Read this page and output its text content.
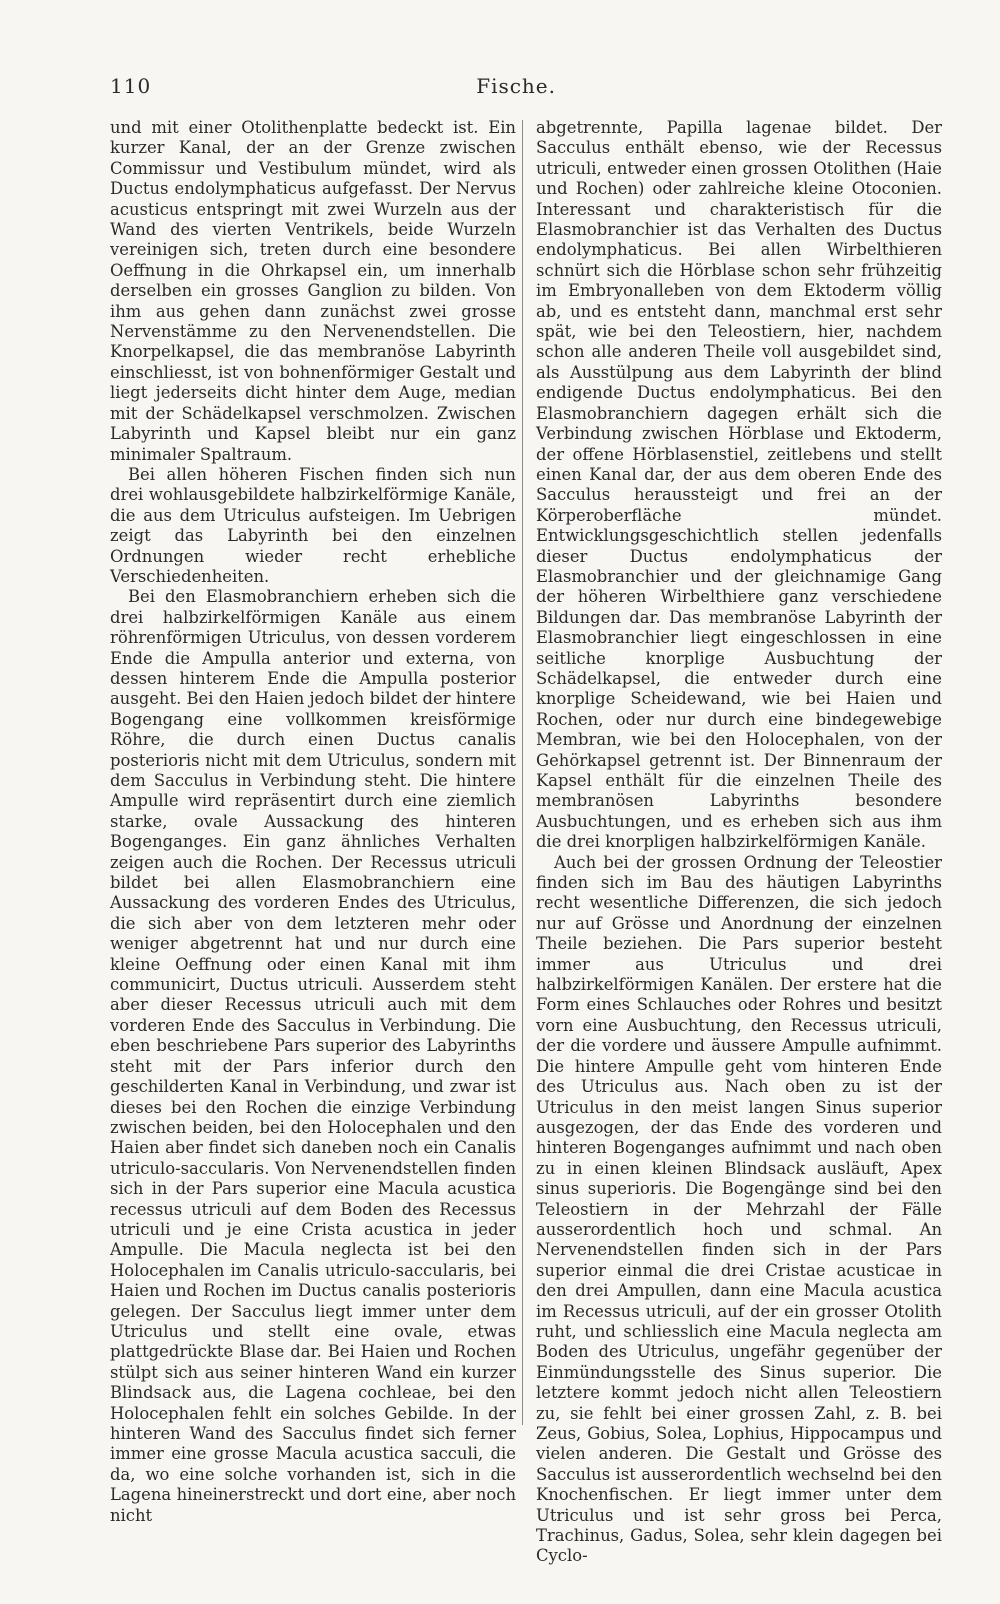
110	Fische.

und mit einer Otolithenplatte bedeckt ist. Ein kurzer Kanal, der an der Grenze zwischen Commissur und Vestibulum mündet, wird als Ductus endolymphaticus aufgefasst. Der Nervus acusticus entspringt mit zwei Wurzeln aus der Wand des vierten Ventrikels, beide Wurzeln vereinigen sich, treten durch eine besondere Oeffnung in die Ohrkapsel ein, um innerhalb derselben ein grosses Ganglion zu bilden. Von ihm aus gehen dann zunächst zwei grosse Nervenstämme zu den Nervenendstellen. Die Knorpelkapsel, die das membranöse Labyrinth einschliesst, ist von bohnenförmiger Gestalt und liegt jederseits dicht hinter dem Auge, median mit der Schädelkapsel verschmolzen. Zwischen Labyrinth und Kapsel bleibt nur ein ganz minimaler Spaltraum.

Bei allen höheren Fischen finden sich nun drei wohlausgebildete halbzirkelförmige Kanäle, die aus dem Utriculus aufsteigen. Im Uebrigen zeigt das Labyrinth bei den einzelnen Ordnungen wieder recht erhebliche Verschiedenheiten.

Bei den Elasmobranchiern erheben sich die drei halbzirkelförmigen Kanäle aus einem röhrenförmigen Utriculus, von dessen vorderem Ende die Ampulla anterior und externa, von dessen hinterem Ende die Ampulla posterior ausgeht. Bei den Haien jedoch bildet der hintere Bogengang eine vollkommen kreisförmige Röhre, die durch einen Ductus canalis posterioris nicht mit dem Utriculus, sondern mit dem Sacculus in Verbindung steht. Die hintere Ampulle wird repräsentirt durch eine ziemlich starke, ovale Aussackung des hinteren Bogenganges. Ein ganz ähnliches Verhalten zeigen auch die Rochen. Der Recessus utriculi bildet bei allen Elasmobranchiern eine Aussackung des vorderen Endes des Utriculus, die sich aber von dem letzteren mehr oder weniger abgetrennt hat und nur durch eine kleine Oeffnung oder einen Kanal mit ihm communicirt, Ductus utriculi. Ausserdem steht aber dieser Recessus utriculi auch mit dem vorderen Ende des Sacculus in Verbindung. Die eben beschriebene Pars superior des Labyrinths steht mit der Pars inferior durch den geschilderten Kanal in Verbindung, und zwar ist dieses bei den Rochen die einzige Verbindung zwischen beiden, bei den Holocephalen und den Haien aber findet sich daneben noch ein Canalis utriculo-saccularis. Von Nervenendstellen finden sich in der Pars superior eine Macula acustica recessus utriculi auf dem Boden des Recessus utriculi und je eine Crista acustica in jeder Ampulle. Die Macula neglecta ist bei den Holocephalen im Canalis utriculo-saccularis, bei Haien und Rochen im Ductus canalis posterioris gelegen. Der Sacculus liegt immer unter dem Utriculus und stellt eine ovale, etwas plattgedrückte Blase dar. Bei Haien und Rochen stülpt sich aus seiner hinteren Wand ein kurzer Blindsack aus, die Lagena cochleae, bei den Holocephalen fehlt ein solches Gebilde. In der hinteren Wand des Sacculus findet sich ferner immer eine grosse Macula acustica sacculi, die da, wo eine solche vorhanden ist, sich in die Lagena hineinerstreckt und dort eine, aber noch nicht

abgetrennte, Papilla lagenae bildet. Der Sacculus enthält ebenso, wie der Recessus utriculi, entweder einen grossen Otolithen (Haie und Rochen) oder zahlreiche kleine Otoconien. Interessant und charakteristisch für die Elasmobranchier ist das Verhalten des Ductus endolymphaticus. Bei allen Wirbelthieren schnürt sich die Hörblase schon sehr frühzeitig im Embryonalleben von dem Ektoderm völlig ab, und es entsteht dann, manchmal erst sehr spät, wie bei den Teleostiern, hier, nachdem schon alle anderen Theile voll ausgebildet sind, als Ausstülpung aus dem Labyrinth der blind endigende Ductus endolymphaticus. Bei den Elasmobranchiern dagegen erhält sich die Verbindung zwischen Hörblase und Ektoderm, der offene Hörblasenstiel, zeitlebens und stellt einen Kanal dar, der aus dem oberen Ende des Sacculus heraussteigt und frei an der Körperoberfläche mündet. Entwicklungsgeschichtlich stellen jedenfalls dieser Ductus endolymphaticus der Elasmobranchier und der gleichnamige Gang der höheren Wirbelthiere ganz verschiedene Bildungen dar. Das membranöse Labyrinth der Elasmobranchier liegt eingeschlossen in eine seitliche knorplige Ausbuchtung der Schädelkapsel, die entweder durch eine knorplige Scheidewand, wie bei Haien und Rochen, oder nur durch eine bindegewebige Membran, wie bei den Holocephalen, von der Gehörkapsel getrennt ist. Der Binnenraum der Kapsel enthält für die einzelnen Theile des membranösen Labyrinths besondere Ausbuchtungen, und es erheben sich aus ihm die drei knorpligen halbzirkelförmigen Kanäle.

Auch bei der grossen Ordnung der Teleostier finden sich im Bau des häutigen Labyrinths recht wesentliche Differenzen, die sich jedoch nur auf Grösse und Anordnung der einzelnen Theile beziehen. Die Pars superior besteht immer aus Utriculus und drei halbzirkelförmigen Kanälen. Der erstere hat die Form eines Schlauches oder Rohres und besitzt vorn eine Ausbuchtung, den Recessus utriculi, der die vordere und äussere Ampulle aufnimmt. Die hintere Ampulle geht vom hinteren Ende des Utriculus aus. Nach oben zu ist der Utriculus in den meist langen Sinus superior ausgezogen, der das Ende des vorderen und hinteren Bogenganges aufnimmt und nach oben zu in einen kleinen Blindsack ausläuft, Apex sinus superioris. Die Bogengänge sind bei den Teleostiern in der Mehrzahl der Fälle ausserordentlich hoch und schmal. An Nervenendstellen finden sich in der Pars superior einmal die drei Cristae acusticae in den drei Ampullen, dann eine Macula acustica im Recessus utriculi, auf der ein grosser Otolith ruht, und schliesslich eine Macula neglecta am Boden des Utriculus, ungefähr gegenüber der Einmündungsstelle des Sinus superior. Die letztere kommt jedoch nicht allen Teleostiern zu, sie fehlt bei einer grossen Zahl, z. B. bei Zeus, Gobius, Solea, Lophius, Hippocampus und vielen anderen. Die Gestalt und Grösse des Sacculus ist ausserordentlich wechselnd bei den Knochenfischen. Er liegt immer unter dem Utriculus und ist sehr gross bei Perca, Trachinus, Gadus, Solea, sehr klein dagegen bei Cyclo-
